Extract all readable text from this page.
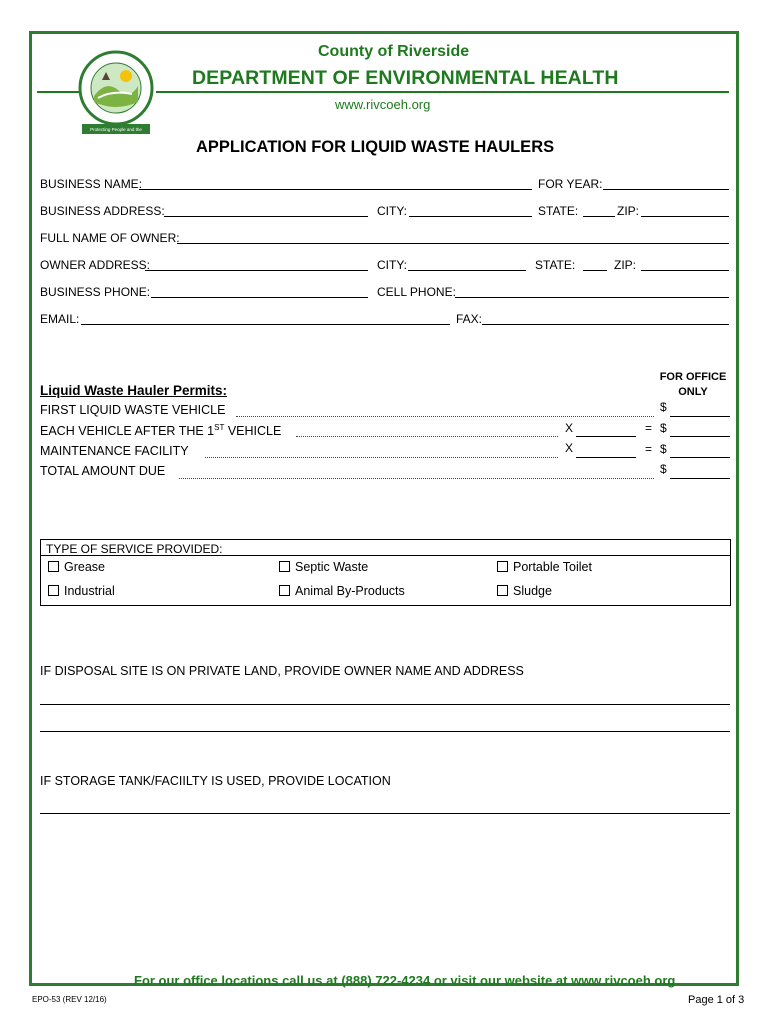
Protecting People and the Environment
County of Riverside
DEPARTMENT OF ENVIRONMENTAL HEALTH
www.rivcoeh.org
APPLICATION FOR LIQUID WASTE HAULERS
BUSINESS NAME:	FOR YEAR:
BUSINESS ADDRESS:	CITY:	STATE:	ZIP:
FULL NAME OF OWNER:
OWNER ADDRESS:	CITY:	STATE:	ZIP:
BUSINESS PHONE:	CELL PHONE:
EMAIL:	FAX:
FOR OFFICE
ONLY
Liquid Waste Hauler Permits:
FIRST LIQUID WASTE VEHICLE	$
EACH VEHICLE AFTER THE 1ST VEHICLE	X	= $
MAINTENANCE FACILITY	X	= $
TOTAL AMOUNT DUE	$
TYPE OF SERVICE PROVIDED:
Grease	Septic Waste	Portable Toilet
Industrial	Animal By-Products	Sludge
IF DISPOSAL SITE IS ON PRIVATE LAND, PROVIDE OWNER NAME AND ADDRESS
IF STORAGE TANK/FACIILTY IS USED, PROVIDE LOCATION
For our office locations call us at (888) 722-4234 or visit our website at www.rivcoeh.org
EPO-53 (REV 12/16)	Page 1 of 3
